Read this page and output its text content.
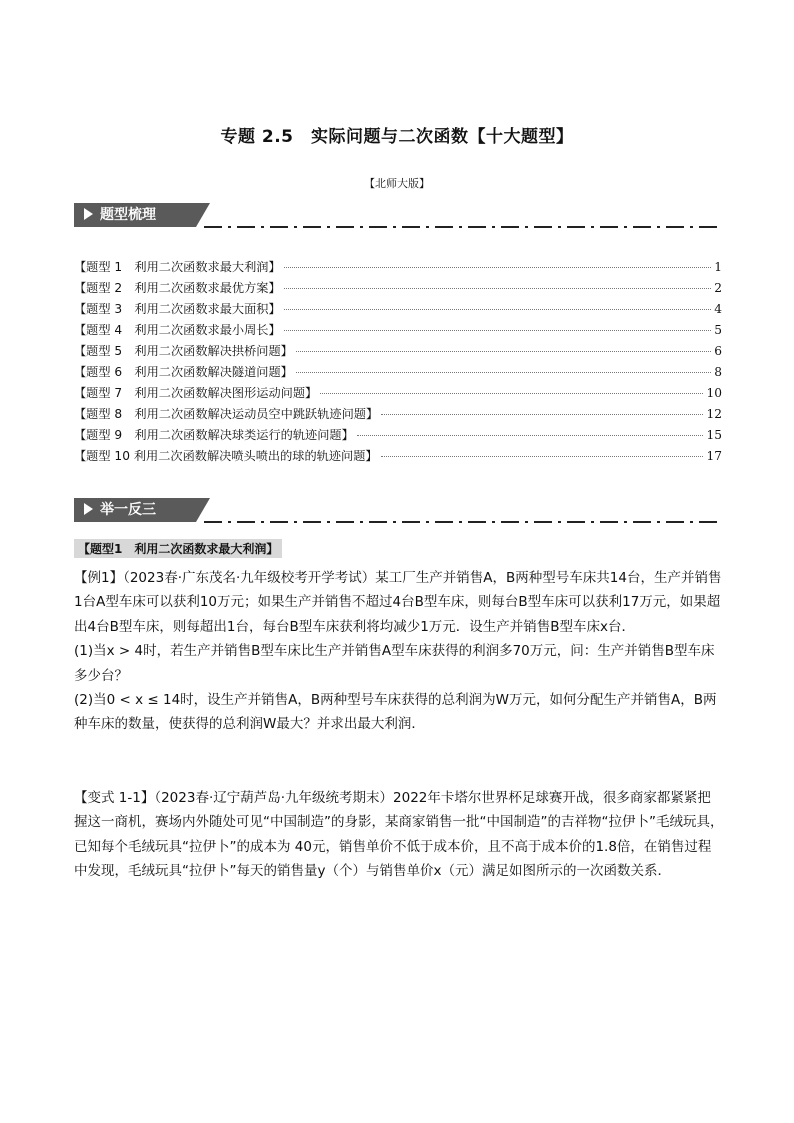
专题 2.5　实际问题与二次函数【十大题型】
【北师大版】
题型梳理
【题型 1　利用二次函数求最大利润】	1
【题型 2　利用二次函数求最优方案】	2
【题型 3　利用二次函数求最大面积】	4
【题型 4　利用二次函数求最小周长】	5
【题型 5　利用二次函数解决拱桥问题】	6
【题型 6　利用二次函数解决隧道问题】	8
【题型 7　利用二次函数解决图形运动问题】	10
【题型 8　利用二次函数解决运动员空中跳跃轨迹问题】	12
【题型 9　利用二次函数解决球类运行的轨迹问题】	15
【题型 10 利用二次函数解决喷头喷出的球的轨迹问题】	17
举一反三
【题型1　利用二次函数求最大利润】

【例1】（2023春·广东茂名·九年级校考开学考试）某工厂生产并销售A，B两种型号车床共14台，生产并销售1台A型车床可以获利10万元；如果生产并销售不超过4台B型车床，则每台B型车床可以获利17万元，如果超出4台B型车床，则每超出1台，每台B型车床获利将均减少1万元．设生产并销售B型车床x台．

(1)当x > 4时，若生产并销售B型车床比生产并销售A型车床获得的利润多70万元，问：生产并销售B型车床多少台？

(2)当0 < x ≤ 14时，设生产并销售A，B两种型号车床获得的总利润为W万元，如何分配生产并销售A，B两种车床的数量，使获得的总利润W最大？并求出最大利润．

【变式 1-1】（2023春·辽宁葫芦岛·九年级统考期末）2022年卡塔尔世界杯足球赛开战，很多商家都紧紧把握这一商机，赛场内外随处可见“中国制造”的身影，某商家销售一批“中国制造”的吉祥物“拉伊卜”毛绒玩具，已知每个毛绒玩具“拉伊卜”的成本为 40元，销售单价不低于成本价，且不高于成本价的1.8倍，在销售过程中发现，毛绒玩具“拉伊卜”每天的销售量y（个）与销售单价x（元）满足如图所示的一次函数关系．
